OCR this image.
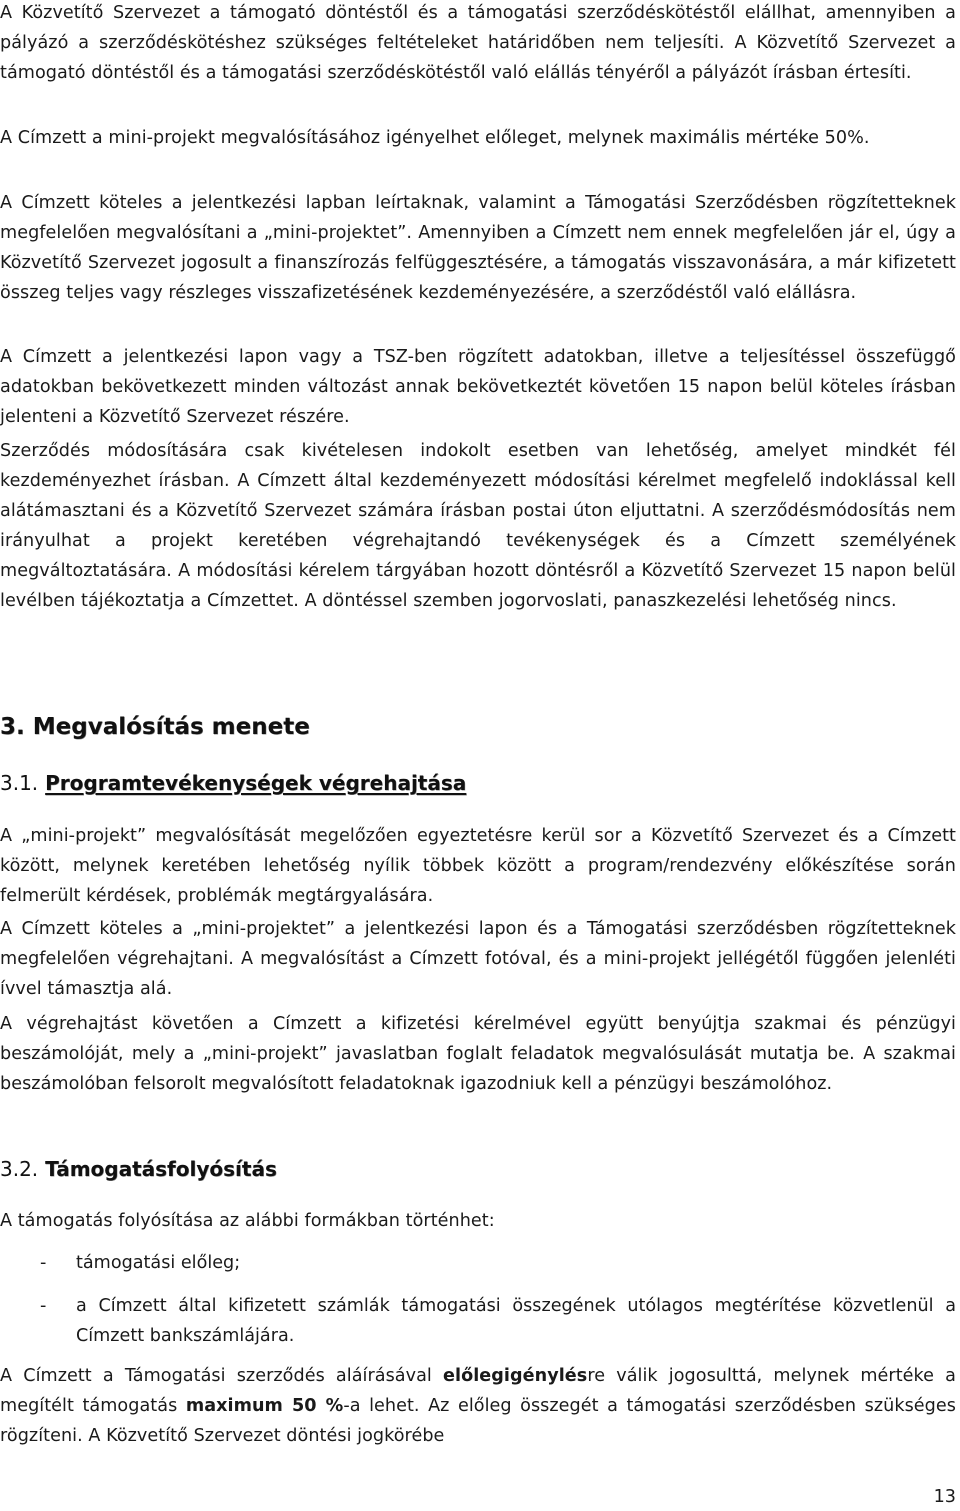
A Közvetítő Szervezet a támogató döntéstől és a támogatási szerződéskötéstől elállhat, amennyiben a pályázó a szerződéskötéshez szükséges feltételeket határidőben nem teljesíti. A Közvetítő Szervezet a támogató döntéstől és a támogatási szerződéskötéstől való elállás tényéről a pályázót írásban értesíti.

A Címzett a mini-projekt megvalósításához igényelhet előleget, melynek maximális mértéke 50%.

A Címzett köteles a jelentkezési lapban leírtaknak, valamint a Támogatási Szerződésben rögzítetteknek megfelelően megvalósítani a „mini-projektet”. Amennyiben a Címzett nem ennek megfelelően jár el, úgy a Közvetítő Szervezet jogosult a finanszírozás felfüggesztésére, a támogatás visszavonására, a már kifizetett összeg teljes vagy részleges visszafizetésének kezdeményezésére, a szerződéstől való elállásra.

A Címzett a jelentkezési lapon vagy a TSZ-ben rögzített adatokban, illetve a teljesítéssel összefüggő adatokban bekövetkezett minden változást annak bekövetkeztét követően 15 napon belül köteles írásban jelenteni a Közvetítő Szervezet részére.

Szerződés módosítására csak kivételesen indokolt esetben van lehetőség, amelyet mindkét fél kezdeményezhet írásban. A Címzett által kezdeményezett módosítási kérelmet megfelelő indoklással kell alátámasztani és a Közvetítő Szervezet számára írásban postai úton eljuttatni. A szerződésmódosítás nem irányulhat a projekt keretében végrehajtandó tevékenységek és a Címzett személyének megváltoztatására. A módosítási kérelem tárgyában hozott döntésről a Közvetítő Szervezet 15 napon belül levélben tájékoztatja a Címzettet. A döntéssel szemben jogorvoslati, panaszkezelési lehetőség nincs.

3. Megvalósítás menete
3.1. Programtevékenységek végrehajtása

A „mini-projekt” megvalósítását megelőzően egyeztetésre kerül sor a Közvetítő Szervezet és a Címzett között, melynek keretében lehetőség nyílik többek között a program/rendezvény előkészítése során felmerült kérdések, problémák megtárgyalására.

A Címzett köteles a „mini-projektet” a jelentkezési lapon és a Támogatási szerződésben rögzítetteknek megfelelően végrehajtani. A megvalósítást a Címzett fotóval, és a mini-projekt jellégétől függően jelenléti ívvel támasztja alá.

A végrehajtást követően a Címzett a kifizetési kérelmével együtt benyújtja szakmai és pénzügyi beszámolóját, mely a „mini-projekt” javaslatban foglalt feladatok megvalósulását mutatja be. A szakmai beszámolóban felsorolt megvalósított feladatoknak igazodniuk kell a pénzügyi beszámolóhoz.

3.2. Támogatásfolyósítás

A támogatás folyósítása az alábbi formákban történhet:

- támogatási előleg;
- a Címzett által kifizetett számlák támogatási összegének utólagos megtérítése közvetlenül a Címzett bankszámlájára.

A Címzett a Támogatási szerződés aláírásával előlegigénylésre válik jogosulttá, melynek mértéke a megítélt támogatás maximum 50 %-a lehet. Az előleg összegét a támogatási szerződésben szükséges rögzíteni. A Közvetítő Szervezet döntési jogkörébe

13
